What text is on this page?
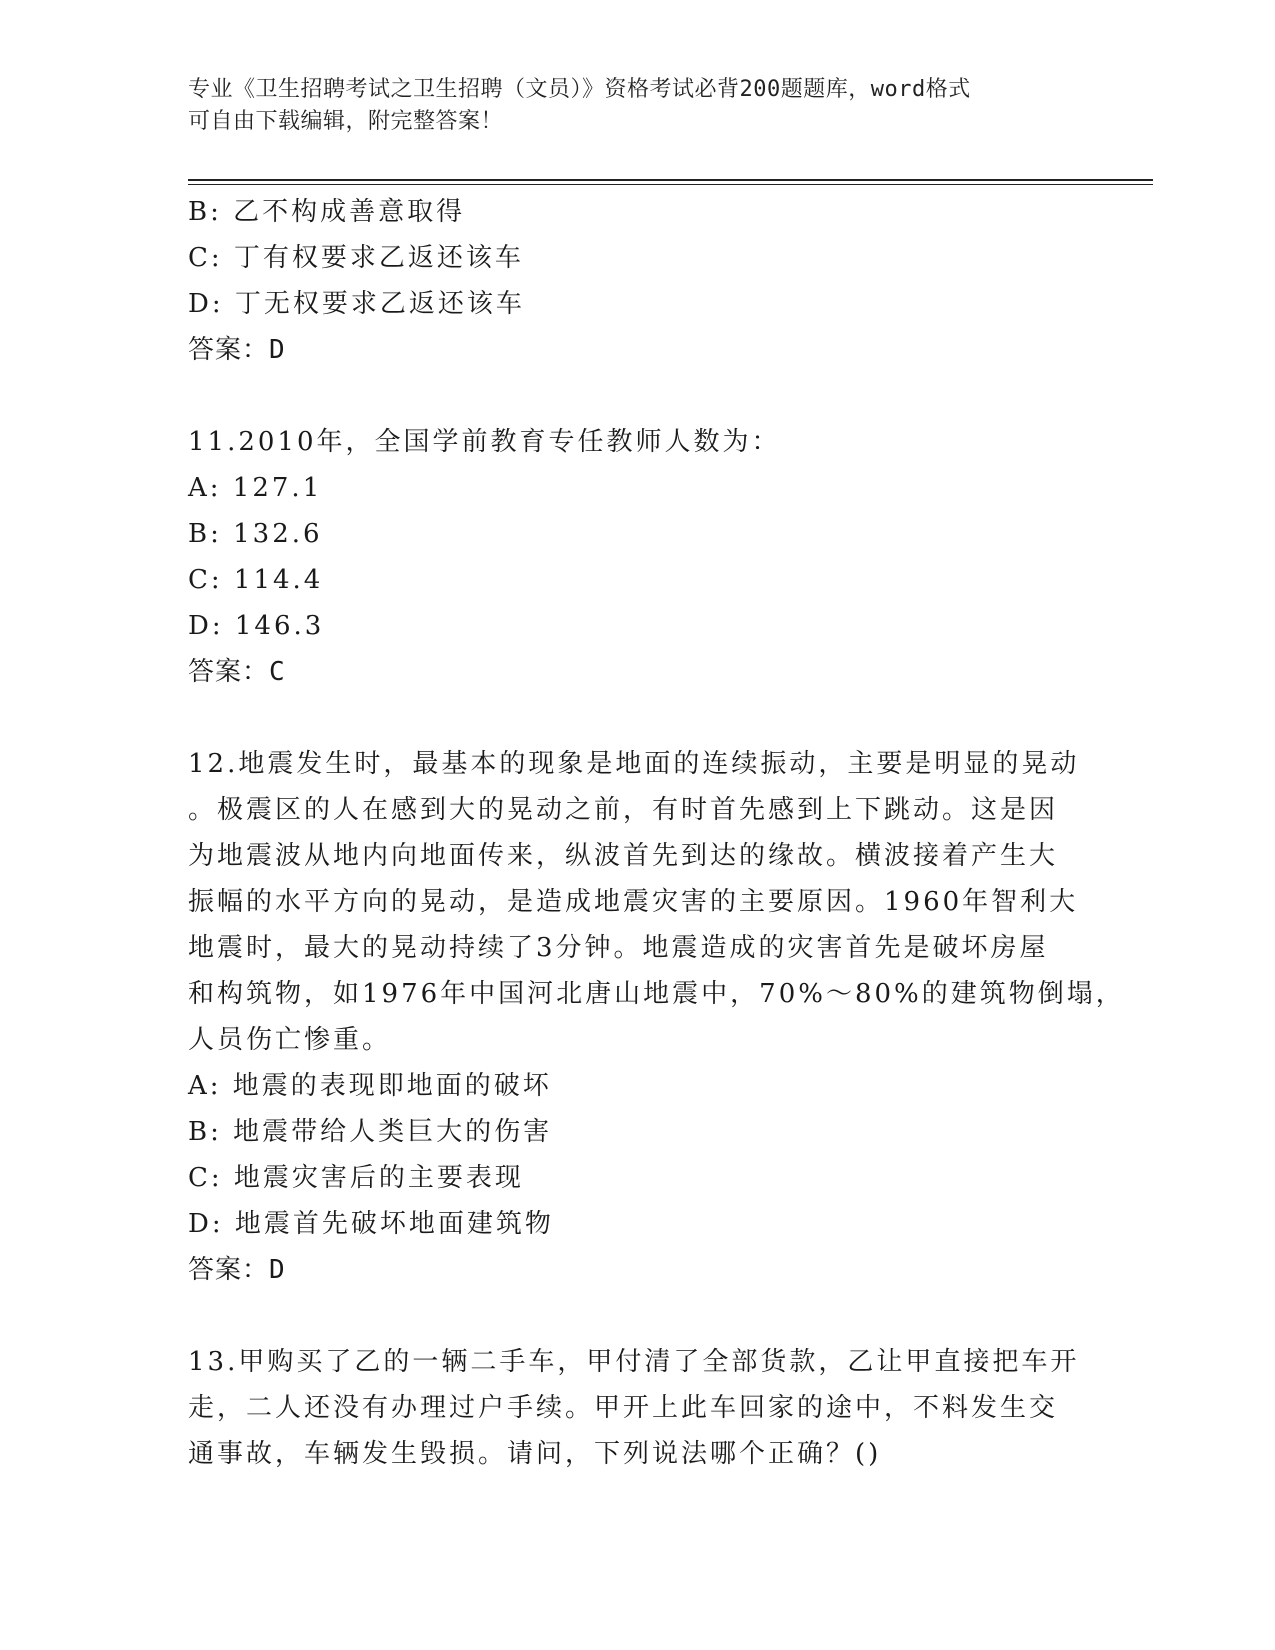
专业《卫生招聘考试之卫生招聘（文员）》资格考试必背200题题库，word格式
可自由下载编辑，附完整答案！
B: 乙不构成善意取得
C: 丁有权要求乙返还该车
D: 丁无权要求乙返还该车
答案：D
11.2010年，全国学前教育专任教师人数为：
A: 127.1
B: 132.6
C: 114.4
D: 146.3
答案：C
12.地震发生时，最基本的现象是地面的连续振动，主要是明显的晃动
。极震区的人在感到大的晃动之前，有时首先感到上下跳动。这是因
为地震波从地内向地面传来，纵波首先到达的缘故。横波接着产生大
振幅的水平方向的晃动，是造成地震灾害的主要原因。1960年智利大
地震时，最大的晃动持续了3分钟。地震造成的灾害首先是破坏房屋
和构筑物，如1976年中国河北唐山地震中，70%～80%的建筑物倒塌，
人员伤亡惨重。
A: 地震的表现即地面的破坏
B: 地震带给人类巨大的伤害
C: 地震灾害后的主要表现
D: 地震首先破坏地面建筑物
答案：D
13.甲购买了乙的一辆二手车，甲付清了全部货款，乙让甲直接把车开
走，二人还没有办理过户手续。甲开上此车回家的途中，不料发生交
通事故，车辆发生毁损。请问，下列说法哪个正确？()
